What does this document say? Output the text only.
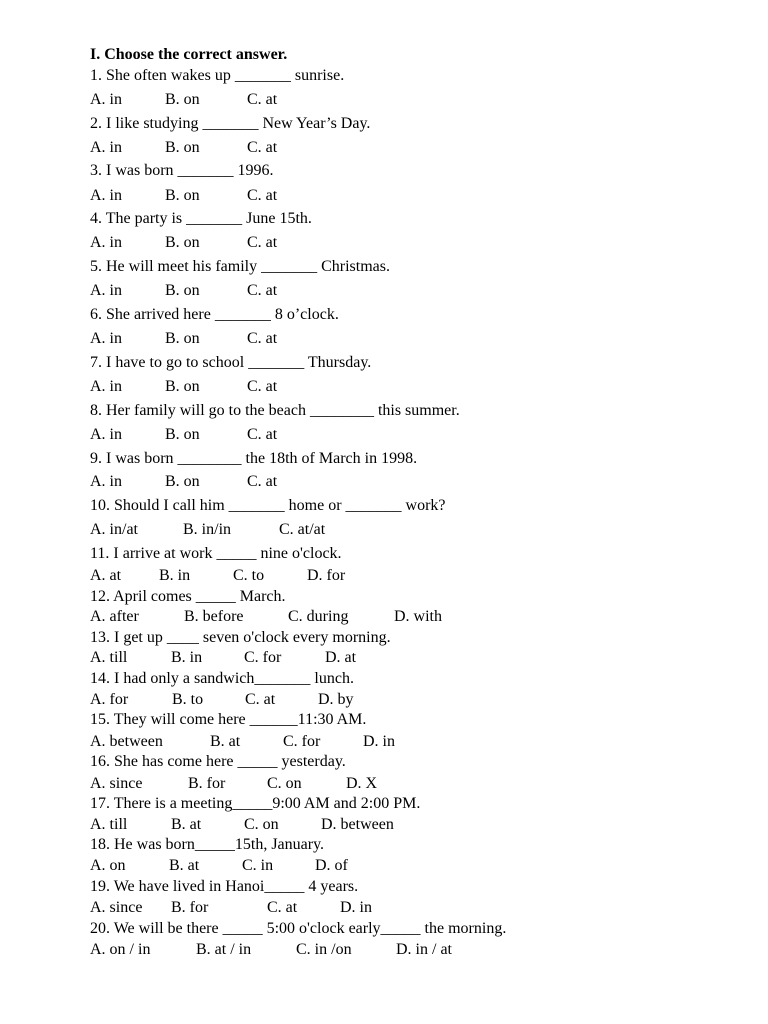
I. Choose the correct answer.
1. She often wakes up _______ sunrise.
A. in	B. on	C. at
2. I like studying _______ New Year’s Day.
A. in	B. on	C. at
3. I was born _______ 1996.
A. in	B. on	C. at
4. The party is _______ June 15th.
A. in	B. on	C. at
5. He will meet his family _______ Christmas.
A. in	B. on	C. at
6. She arrived here _______ 8 o’clock.
A. in	B. on	C. at
7. I have to go to school _______ Thursday.
A. in	B. on	C. at
8. Her family will go to the beach ________ this summer.
A. in	B. on	C. at
9. I was born ________ the 18th of March in 1998.
A. in	B. on	C. at
10. Should I call him _______ home or _______ work?
A. in/at	B. in/in	C. at/at
11. I arrive at work _____ nine o'clock.
A. at B. in	C. to	D. for
12. April comes _____ March.
A. after	B. before	C. during	D. with
13. I get up ____ seven o'clock every morning.
A. till	B. in	C. for	D. at
14. I had only a sandwich_______ lunch.
A. for	B. to	C. at	D. by
15. They will come here ______11:30 AM.
A. between	B. at	C. for	D. in
16. She has come here _____ yesterday.
A. since	B. for	C. on	D. X
17. There is a meeting_____9:00 AM and 2:00 PM.
A. till	B. at	C. on	D. between
18. He was born_____15th, January.
A. on	B. at	C. in	D. of
19. We have lived in Hanoi_____ 4 years.
A. since B. for	C. at	D. in
20. We will be there _____ 5:00 o'clock early_____ the morning.
A. on / in	B. at / in	C. in /on	D. in / at
